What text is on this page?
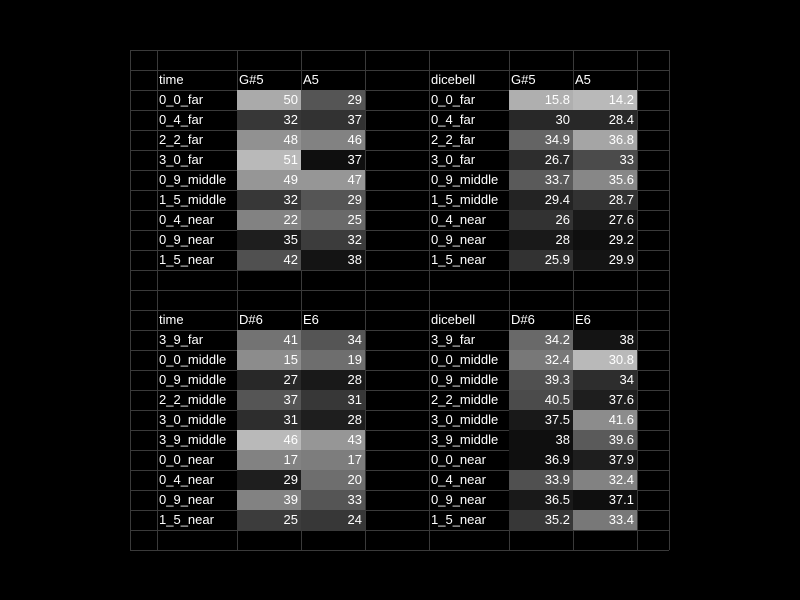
time	G#5	A5
0_0_far	50	29
0_4_far	32	37
2_2_far	48	46
3_0_far	51	37
0_9_middle	49	47
1_5_middle	32	29
0_4_near	22	25
0_9_near	35	32
1_5_near	42	38
dicebell	G#5	A5
0_0_far	15.8	14.2
0_4_far	30	28.4
2_2_far	34.9	36.8
3_0_far	26.7	33
0_9_middle	33.7	35.6
1_5_middle	29.4	28.7
0_4_near	26	27.6
0_9_near	28	29.2
1_5_near	25.9	29.9
time	D#6	E6
3_9_far	41	34
0_0_middle	15	19
0_9_middle	27	28
2_2_middle	37	31
3_0_middle	31	28
3_9_middle	46	43
0_0_near	17	17
0_4_near	29	20
0_9_near	39	33
1_5_near	25	24
dicebell	D#6	E6
3_9_far	34.2	38
0_0_middle	32.4	30.8
0_9_middle	39.3	34
2_2_middle	40.5	37.6
3_0_middle	37.5	41.6
3_9_middle	38	39.6
0_0_near	36.9	37.9
0_4_near	33.9	32.4
0_9_near	36.5	37.1
1_5_near	35.2	33.4
